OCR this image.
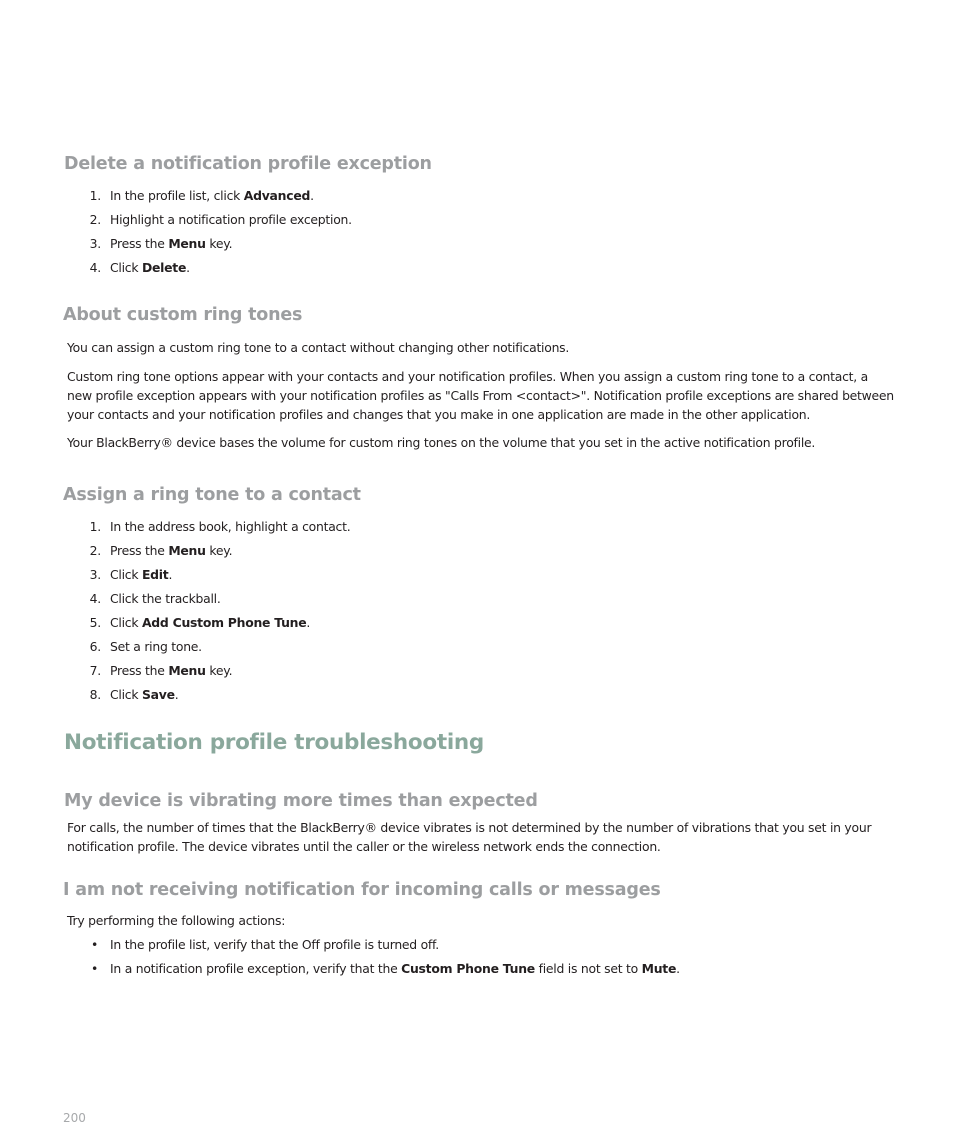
Delete a notification profile exception
1. In the profile list, click Advanced.
2. Highlight a notification profile exception.
3. Press the Menu key.
4. Click Delete.
About custom ring tones

You can assign a custom ring tone to a contact without changing other notifications.

Custom ring tone options appear with your contacts and your notification profiles. When you assign a custom ring tone to a contact, a

new profile exception appears with your notification profiles as "Calls From <contact>". Notification profile exceptions are shared between

your contacts and your notification profiles and changes that you make in one application are made in the other application.

Your BlackBerry® device bases the volume for custom ring tones on the volume that you set in the active notification profile.

Assign a ring tone to a contact
1. In the address book, highlight a contact.
2. Press the Menu key.
3. Click Edit.
4. Click the trackball.
5. Click Add Custom Phone Tune.
6. Set a ring tone.
7. Press the Menu key.
8. Click Save.
Notification profile troubleshooting
My device is vibrating more times than expected

For calls, the number of times that the BlackBerry® device vibrates is not determined by the number of vibrations that you set in your

notification profile. The device vibrates until the caller or the wireless network ends the connection.

I am not receiving notification for incoming calls or messages

Try performing the following actions:

• In the profile list, verify that the Off profile is turned off.
• In a notification profile exception, verify that the Custom Phone Tune field is not set to Mute.
200
